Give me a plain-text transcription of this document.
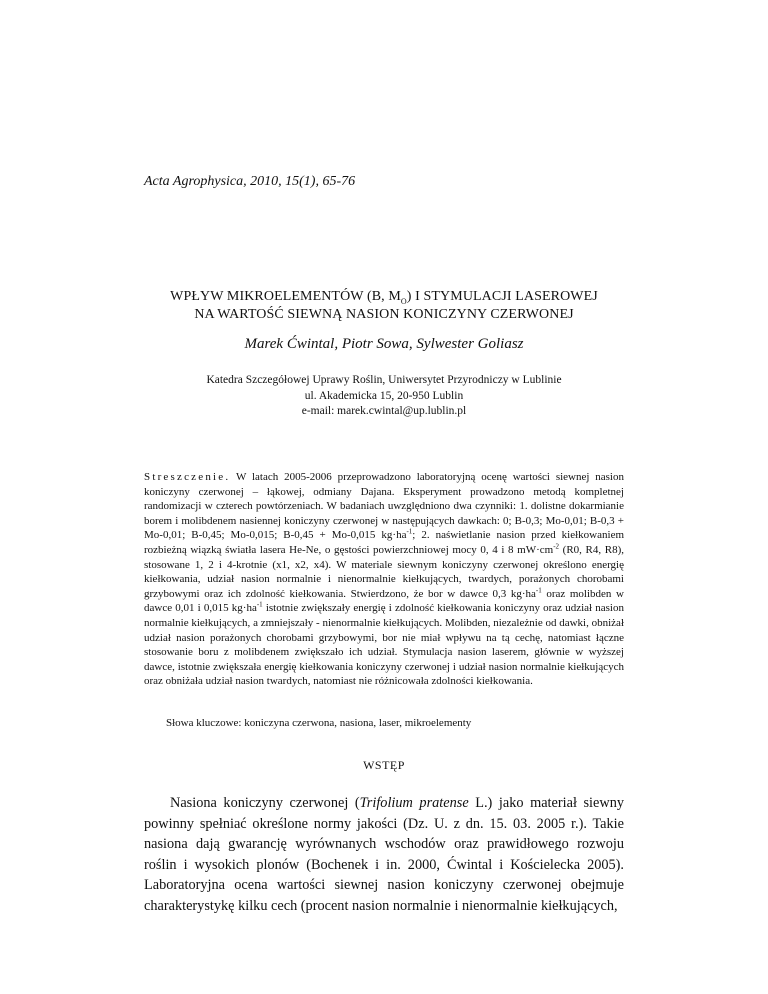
Acta Agrophysica, 2010, 15(1), 65-76
WPŁYW MIKROELEMENTÓW (B, $M_O$) I STYMULACJI LASEROWEJ
NA WARTOŚĆ SIEWNĄ NASION KONICZYNY CZERWONEJ
Marek Ćwintal, Piotr Sowa, Sylwester Goliasz
Katedra Szczegółowej Uprawy Roślin, Uniwersytet Przyrodniczy w Lublinie
ul. Akademicka 15, 20-950 Lublin
e-mail: marek.cwintal@up.lublin.pl
Streszczenie. W latach 2005-2006 przeprowadzono laboratoryjną ocenę wartości siewnej nasion koniczyny czerwonej – łąkowej, odmiany Dajana. Eksperyment prowadzono metodą kompletnej randomizacji w czterech powtórzeniach. W badaniach uwzględniono dwa czynniki: 1. dolistne dokarmianie borem i molibdenem nasiennej koniczyny czerwonej w następujących dawkach: 0; B-0,3; Mo-0,01; B-0,3 + Mo-0,01; B-0,45; Mo-0,015; B-0,45 + Mo-0,015 $kg\cdot ha^{-1}$; 2. naświetlanie nasion przed kiełkowaniem rozbieżną wiązką światła lasera He-Ne, o gęstości powierzchniowej mocy 0, 4 i 8 $mW\cdot cm^{-2}$ (R0, R4, R8), stosowane 1, 2 i 4-krotnie (x1, x2, x4). W materiale siewnym koniczyny czerwonej określono energię kiełkowania, udział nasion normalnie i nienormalnie kiełkujących, twardych, porażonych chorobami grzybowymi oraz ich zdolność kiełkowania. Stwierdzono, że bor w dawce 0,3 $kg\cdot ha^{-1}$ oraz molibden w dawce 0,01 i 0,015 $kg\cdot ha^{-1}$ istotnie zwiększały energię i zdolność kiełkowania koniczyny oraz udział nasion normalnie kiełkujących, a zmniejszały - nienormalnie kiełkujących. Molibden, niezależnie od dawki, obniżał udział nasion porażonych chorobami grzybowymi, bor nie miał wpływu na tą cechę, natomiast łączne stosowanie boru z molibdenem zwiększało ich udział. Stymulacja nasion laserem, głównie w wyższej dawce, istotnie zwiększała energię kiełkowania koniczyny czerwonej i udział nasion normalnie kiełkujących oraz obniżała udział nasion twardych, natomiast nie różnicowała zdolności kiełkowania.
Słowa kluczowe: koniczyna czerwona, nasiona, laser, mikroelementy
WSTĘP
Nasiona koniczyny czerwonej (Trifolium pratense L.) jako materiał siewny powinny spełniać określone normy jakości (Dz. U. z dn. 15. 03. 2005 r.). Takie nasiona dają gwarancję wyrównanych wschodów oraz prawidłowego rozwoju roślin i wysokich plonów (Bochenek i in. 2000, Ćwintal i Kościelecka 2005). Laboratoryjna ocena wartości siewnej nasion koniczyny czerwonej obejmuje charakterystykę kilku cech (procent nasion normalnie i nienormalnie kiełkujących,
